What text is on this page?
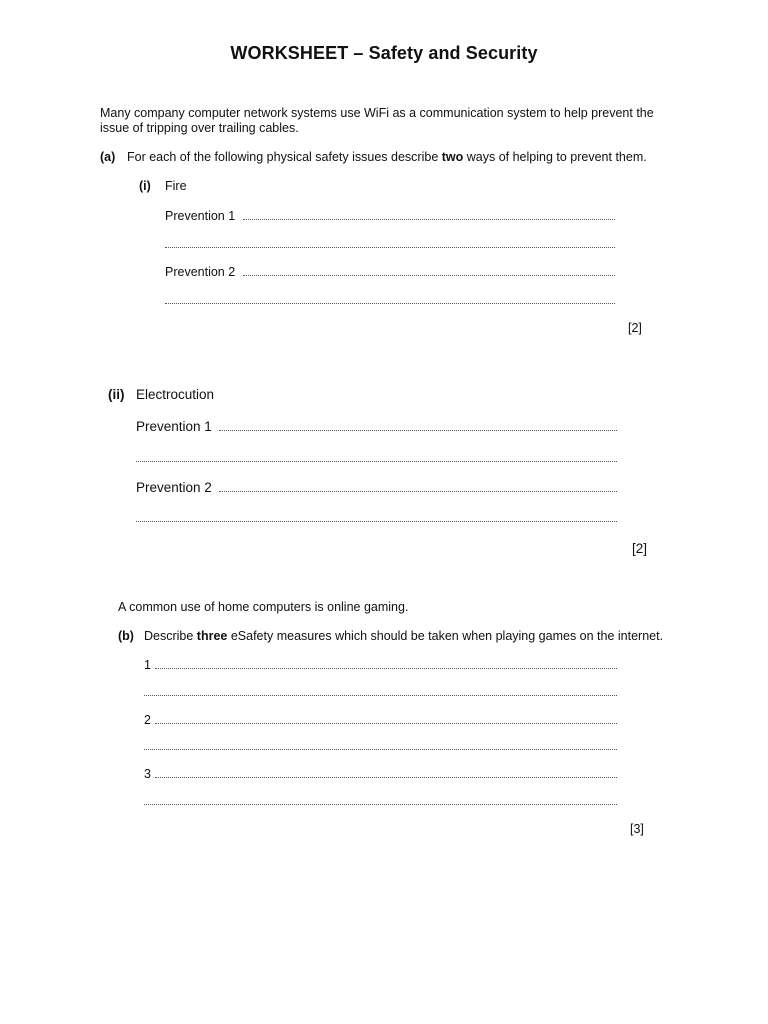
WORKSHEET – Safety and Security
Many company computer network systems use WiFi as a communication system to help prevent the issue of tripping over trailing cables.
(a) For each of the following physical safety issues describe two ways of helping to prevent them.
(i) Fire
Prevention 1
Prevention 2
[2]
(ii) Electrocution
Prevention 1
Prevention 2
[2]
A common use of home computers is online gaming.
(b) Describe three eSafety measures which should be taken when playing games on the internet.
1
2
3
[3]
